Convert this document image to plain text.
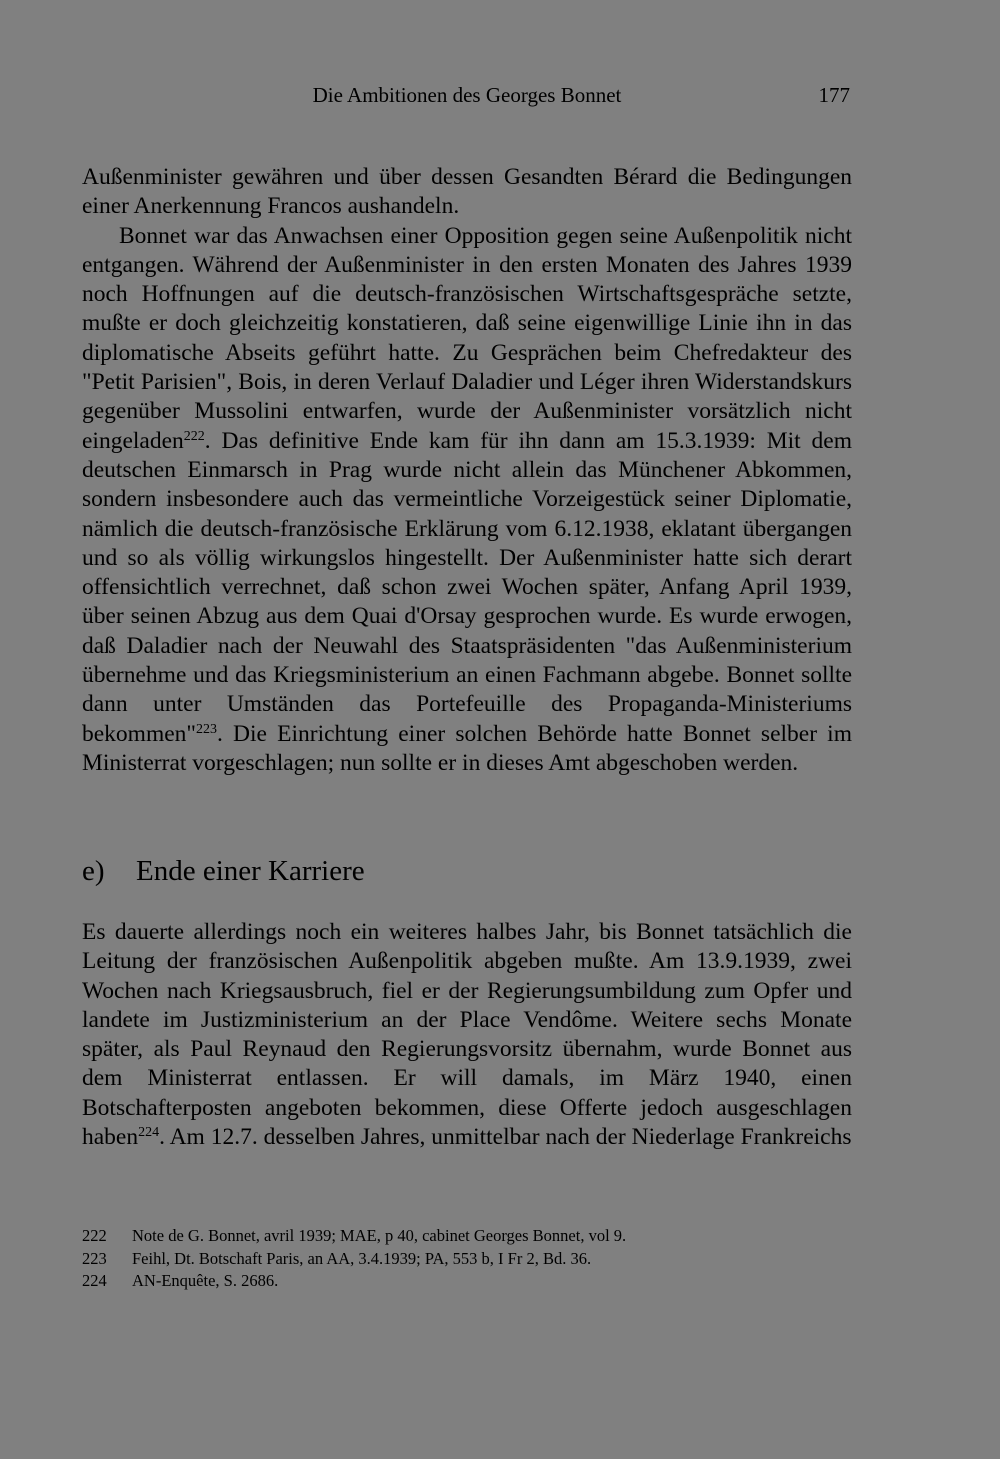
Die Ambitionen des Georges Bonnet	177

Außenminister gewähren und über dessen Gesandten Bérard die Bedingungen einer Anerkennung Francos aushandeln.

Bonnet war das Anwachsen einer Opposition gegen seine Außenpolitik nicht entgangen. Während der Außenminister in den ersten Monaten des Jahres 1939 noch Hoffnungen auf die deutsch-französischen Wirtschaftsgespräche setzte, mußte er doch gleichzeitig konstatieren, daß seine eigenwillige Linie ihn in das diplomatische Abseits geführt hatte. Zu Gesprächen beim Chefredakteur des "Petit Parisien", Bois, in deren Verlauf Daladier und Léger ihren Widerstandskurs gegenüber Mussolini entwarfen, wurde der Außenminister vorsätzlich nicht eingeladen$^{222}$. Das definitive Ende kam für ihn dann am 15.3.1939: Mit dem deutschen Einmarsch in Prag wurde nicht allein das Münchener Abkommen, sondern insbesondere auch das vermeintliche Vorzeigestück seiner Diplomatie, nämlich die deutsch-französische Erklärung vom 6.12.1938, eklatant übergangen und so als völlig wirkungslos hingestellt. Der Außenminister hatte sich derart offensichtlich verrechnet, daß schon zwei Wochen später, Anfang April 1939, über seinen Abzug aus dem Quai d'Orsay gesprochen wurde. Es wurde erwogen, daß Daladier nach der Neuwahl des Staatspräsidenten "das Außenministerium übernehme und das Kriegsministerium an einen Fachmann abgebe. Bonnet sollte dann unter Umständen das Portefeuille des Propaganda-Ministeriums bekommen"$^{223}$. Die Einrichtung einer solchen Behörde hatte Bonnet selber im Ministerrat vorgeschlagen; nun sollte er in dieses Amt abgeschoben werden.

e) Ende einer Karriere

Es dauerte allerdings noch ein weiteres halbes Jahr, bis Bonnet tatsächlich die Leitung der französischen Außenpolitik abgeben mußte. Am 13.9.1939, zwei Wochen nach Kriegsausbruch, fiel er der Regierungsumbildung zum Opfer und landete im Justizministerium an der Place Vendôme. Weitere sechs Monate später, als Paul Reynaud den Regierungsvorsitz übernahm, wurde Bonnet aus dem Ministerrat entlassen. Er will damals, im März 1940, einen Botschafterposten angeboten bekommen, diese Offerte jedoch ausgeschlagen haben$^{224}$. Am 12.7. desselben Jahres, unmittelbar nach der Niederlage Frankreichs

222	Note de G. Bonnet, avril 1939; MAE, p 40, cabinet Georges Bonnet, vol 9.
223	Feihl, Dt. Botschaft Paris, an AA, 3.4.1939; PA, 553 b, I Fr 2, Bd. 36.
224	AN-Enquête, S. 2686.
